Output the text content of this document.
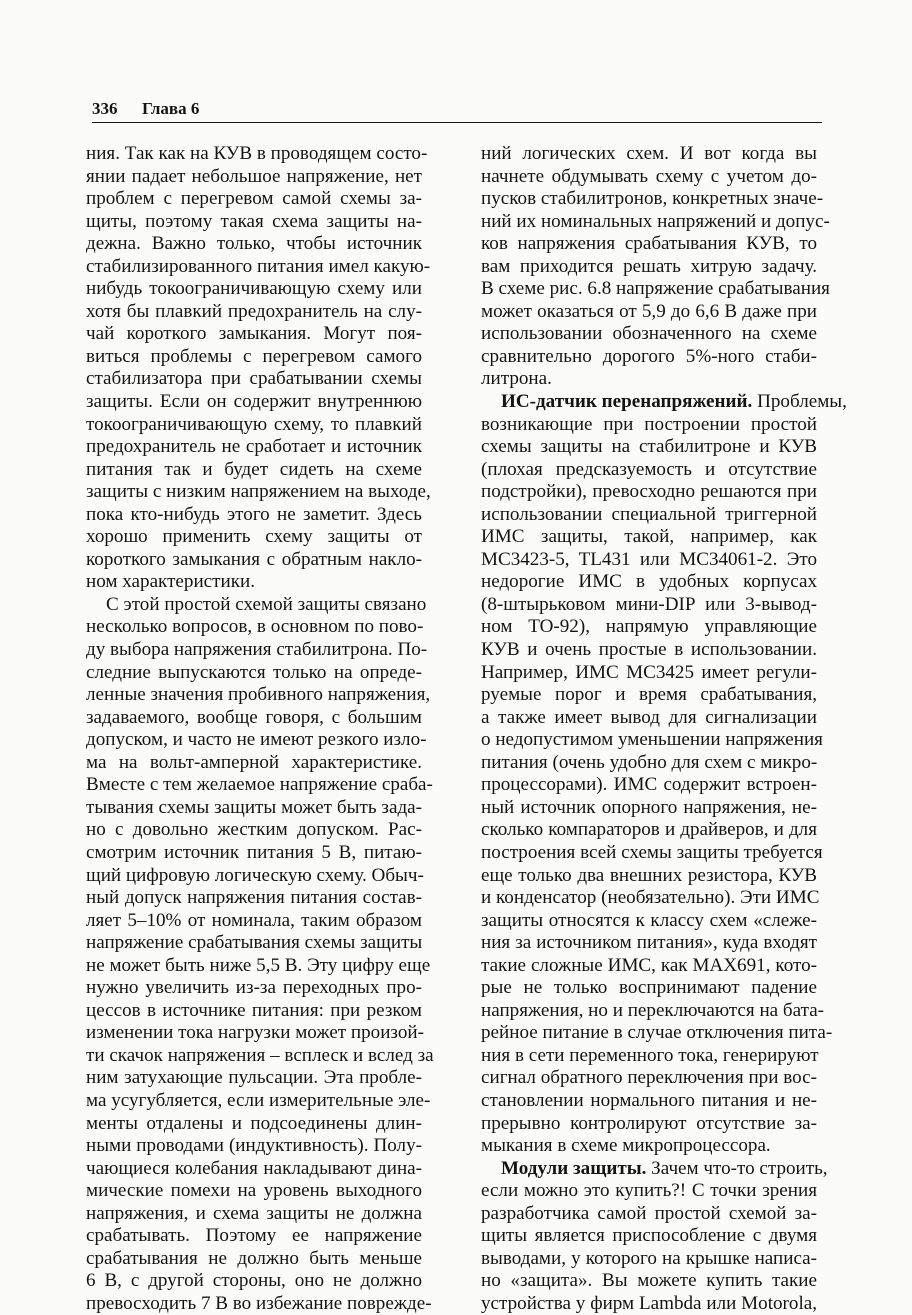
336 Глава 6
ния. Так как на КУВ в проводящем состо-
янии падает небольшое напряжение, нет
проблем с перегревом самой схемы за-
щиты, поэтому такая схема защиты на-
дежна. Важно только, чтобы источник
стабилизированного питания имел какую-
нибудь токоограничивающую схему или
хотя бы плавкий предохранитель на слу-
чай короткого замыкания. Могут поя-
виться проблемы с перегревом самого
стабилизатора при срабатывании схемы
защиты. Если он содержит внутреннюю
токоограничивающую схему, то плавкий
предохранитель не сработает и источник
питания так и будет сидеть на схеме
защиты с низким напряжением на выходе,
пока кто-нибудь этого не заметит. Здесь
хорошо применить схему защиты от
короткого замыкания с обратным накло-
ном характеристики.
С этой простой схемой защиты связано
несколько вопросов, в основном по пово-
ду выбора напряжения стабилитрона. По-
следние выпускаются только на опреде-
ленные значения пробивного напряжения,
задаваемого, вообще говоря, с большим
допуском, и часто не имеют резкого изло-
ма на вольт-амперной характеристике.
Вместе с тем желаемое напряжение сраба-
тывания схемы защиты может быть зада-
но с довольно жестким допуском. Рас-
смотрим источник питания 5 В, питаю-
щий цифровую логическую схему. Обыч-
ный допуск напряжения питания состав-
ляет 5–10% от номинала, таким образом
напряжение срабатывания схемы защиты
не может быть ниже 5,5 В. Эту цифру еще
нужно увеличить из-за переходных про-
цессов в источнике питания: при резком
изменении тока нагрузки может произой-
ти скачок напряжения – всплеск и вслед за
ним затухающие пульсации. Эта пробле-
ма усугубляется, если измерительные эле-
менты отдалены и подсоединены длин-
ными проводами (индуктивность). Полу-
чающиеся колебания накладывают дина-
мические помехи на уровень выходного
напряжения, и схема защиты не должна
срабатывать. Поэтому ее напряжение
срабатывания не должно быть меньше
6 В, с другой стороны, оно не должно
превосходить 7 В во избежание поврежде-
ний логических схем. И вот когда вы
начнете обдумывать схему с учетом до-
пусков стабилитронов, конкретных значе-
ний их номинальных напряжений и допус-
ков напряжения срабатывания КУВ, то
вам приходится решать хитрую задачу.
В схеме рис. 6.8 напряжение срабатывания
может оказаться от 5,9 до 6,6 В даже при
использовании обозначенного на схеме
сравнительно дорогого 5%-ного стаби-
литрона.
ИС-датчик перенапряжений. Проблемы,
возникающие при построении простой
схемы защиты на стабилитроне и КУВ
(плохая предсказуемость и отсутствие
подстройки), превосходно решаются при
использовании специальной триггерной
ИМС защиты, такой, например, как
MC3423-5, TL431 или MC34061-2. Это
недорогие ИМС в удобных корпусах
(8-штырьковом мини-DIP или 3-вывод-
ном TO-92), напрямую управляющие
КУВ и очень простые в использовании.
Например, ИМС MC3425 имеет регули-
руемые порог и время срабатывания,
а также имеет вывод для сигнализации
о недопустимом уменьшении напряжения
питания (очень удобно для схем с микро-
процессорами). ИМС содержит встроен-
ный источник опорного напряжения, не-
сколько компараторов и драйверов, и для
построения всей схемы защиты требуется
еще только два внешних резистора, КУВ
и конденсатор (необязательно). Эти ИМС
защиты относятся к классу схем «слеже-
ния за источником питания», куда входят
такие сложные ИМС, как MAX691, кото-
рые не только воспринимают падение
напряжения, но и переключаются на бата-
рейное питание в случае отключения пита-
ния в сети переменного тока, генерируют
сигнал обратного переключения при вос-
становлении нормального питания и не-
прерывно контролируют отсутствие за-
мыкания в схеме микропроцессора.
Модули защиты. Зачем что-то строить,
если можно это купить?! С точки зрения
разработчика самой простой схемой за-
щиты является приспособление с двумя
выводами, у которого на крышке написа-
но «защита». Вы можете купить такие
устройства у фирм Lambda или Motorola,
